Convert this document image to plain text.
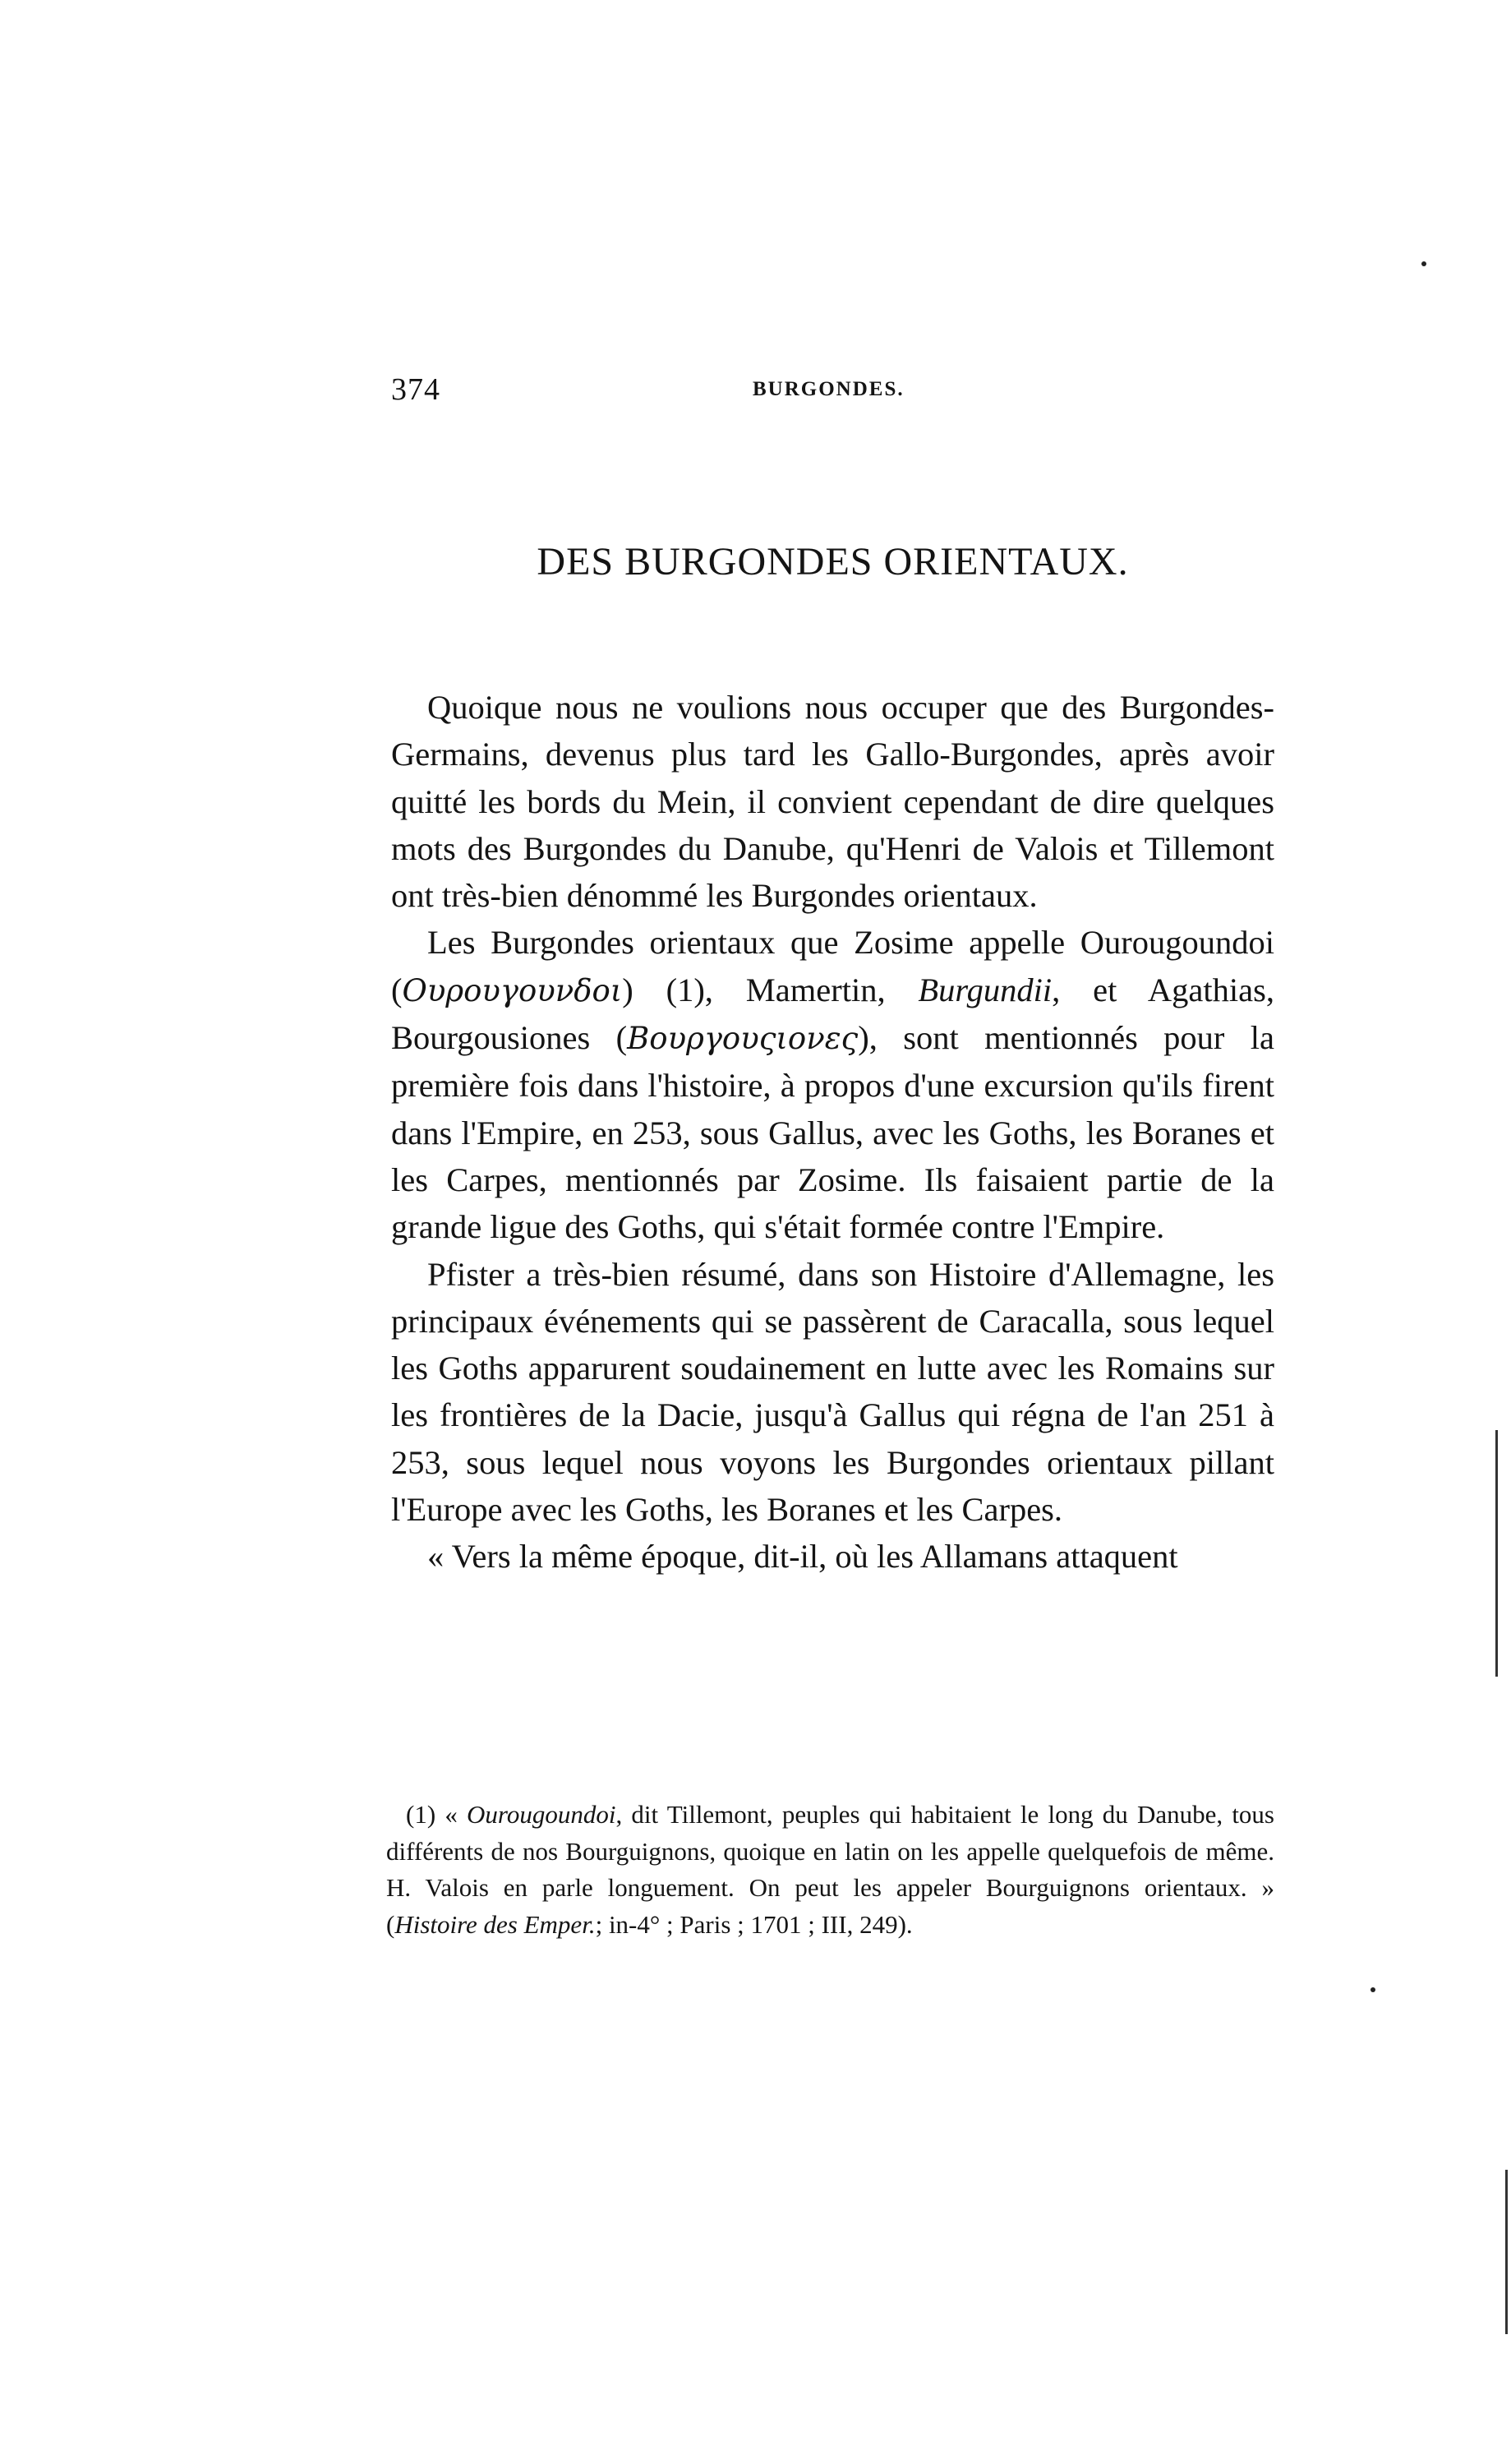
374	BURGONDES.
DES BURGONDES ORIENTAUX.

Quoique nous ne voulions nous occuper que des Burgondes-Germains, devenus plus tard les Gallo-Burgondes, après avoir quitté les bords du Mein, il convient cependant de dire quelques mots des Burgondes du Danube, qu'Henri de Valois et Tillemont ont très-bien dénommé les Burgondes orientaux.

Les Burgondes orientaux que Zosime appelle Ourougoundoi (Ουρουγουνδοι) (1), Mamertin, Burgundii, et Agathias, Bourgousiones (Βουργουςιονες), sont mentionnés pour la première fois dans l'histoire, à propos d'une excursion qu'ils firent dans l'Empire, en 253, sous Gallus, avec les Goths, les Boranes et les Carpes, mentionnés par Zosime. Ils faisaient partie de la grande ligue des Goths, qui s'était formée contre l'Empire.

Pfister a très-bien résumé, dans son Histoire d'Allemagne, les principaux événements qui se passèrent de Caracalla, sous lequel les Goths apparurent soudainement en lutte avec les Romains sur les frontières de la Dacie, jusqu'à Gallus qui régna de l'an 251 à 253, sous lequel nous voyons les Burgondes orientaux pillant l'Europe avec les Goths, les Boranes et les Carpes.

« Vers la même époque, dit-il, où les Allamans attaquent

(1) « Ourougoundoi, dit Tillemont, peuples qui habitaient le long du Danube, tous différents de nos Bourguignons, quoique en latin on les appelle quelquefois de même. H. Valois en parle longuement. On peut les appeler Bourguignons orientaux. » (Histoire des Emper.; in-4° ; Paris ; 1701 ; III, 249).
